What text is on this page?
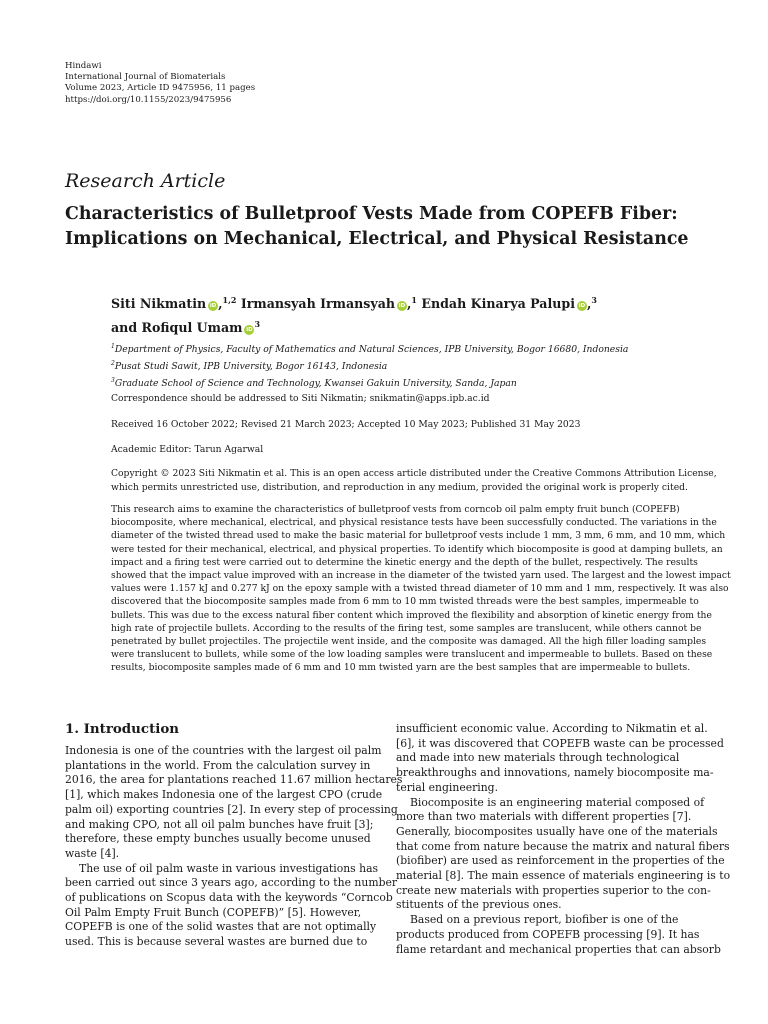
Hindawi
International Journal of Biomaterials
Volume 2023, Article ID 9475956, 11 pages
https://doi.org/10.1155/2023/9475956
Research Article
Characteristics of Bulletproof Vests Made from COPEFB Fiber:
Implications on Mechanical, Electrical, and Physical Resistance
Siti Nikmatin iD ,$^{1,2}$ Irmansyah Irmansyah iD ,$^1$ Endah Kinarya Palupi iD ,$^3$
and Rofiqul Umam $iD^3$
$^1$Department of Physics, Faculty of Mathematics and Natural Sciences, IPB University, Bogor 16680, Indonesia
$^2$Pusat Studi Sawit, IPB University, Bogor 16143, Indonesia
$^3$Graduate School of Science and Technology, Kwansei Gakuin University, Sanda, Japan
Correspondence should be addressed to Siti Nikmatin; snikmatin@apps.ipb.ac.id
Received 16 October 2022; Revised 21 March 2023; Accepted 10 May 2023; Published 31 May 2023
Academic Editor: Tarun Agarwal
Copyright © 2023 Siti Nikmatin et al. This is an open access article distributed under the Creative Commons Attribution License,
which permits unrestricted use, distribution, and reproduction in any medium, provided the original work is properly cited.
This research aims to examine the characteristics of bulletproof vests from corncob oil palm empty fruit bunch (COPEFB)
biocomposite, where mechanical, electrical, and physical resistance tests have been successfully conducted. The variations in the
diameter of the twisted thread used to make the basic material for bulletproof vests include 1 mm, 3 mm, 6 mm, and 10 mm, which
were tested for their mechanical, electrical, and physical properties. To identify which biocomposite is good at damping bullets, an
impact and a firing test were carried out to determine the kinetic energy and the depth of the bullet, respectively. The results
showed that the impact value improved with an increase in the diameter of the twisted yarn used. The largest and the lowest impact
values were 1.157 kJ and 0.277 kJ on the epoxy sample with a twisted thread diameter of 10 mm and 1 mm, respectively. It was also
discovered that the biocomposite samples made from 6 mm to 10 mm twisted threads were the best samples, impermeable to
bullets. This was due to the excess natural fiber content which improved the flexibility and absorption of kinetic energy from the
high rate of projectile bullets. According to the results of the firing test, some samples are translucent, while others cannot be
penetrated by bullet projectiles. The projectile went inside, and the composite was damaged. All the high filler loading samples
were translucent to bullets, while some of the low loading samples were translucent and impermeable to bullets. Based on these
results, biocomposite samples made of 6 mm and 10 mm twisted yarn are the best samples that are impermeable to bullets.
1. Introduction
Indonesia is one of the countries with the largest oil palm
plantations in the world. From the calculation survey in
2016, the area for plantations reached 11.67 million hectares
[1], which makes Indonesia one of the largest CPO (crude
palm oil) exporting countries [2]. In every step of processing
and making CPO, not all oil palm bunches have fruit [3];
therefore, these empty bunches usually become unused
waste [4].
The use of oil palm waste in various investigations has
been carried out since 3 years ago, according to the number
of publications on Scopus data with the keywords “Corncob
Oil Palm Empty Fruit Bunch (COPEFB)” [5]. However,
COPEFB is one of the solid wastes that are not optimally
used. This is because several wastes are burned due to
insufficient economic value. According to Nikmatin et al.
[6], it was discovered that COPEFB waste can be processed
and made into new materials through technological
breakthroughs and innovations, namely biocomposite ma-
terial engineering.
Biocomposite is an engineering material composed of
more than two materials with different properties [7].
Generally, biocomposites usually have one of the materials
that come from nature because the matrix and natural fibers
(biofiber) are used as reinforcement in the properties of the
material [8]. The main essence of materials engineering is to
create new materials with properties superior to the con-
stituents of the previous ones.
Based on a previous report, biofiber is one of the
products produced from COPEFB processing [9]. It has
flame retardant and mechanical properties that can absorb
